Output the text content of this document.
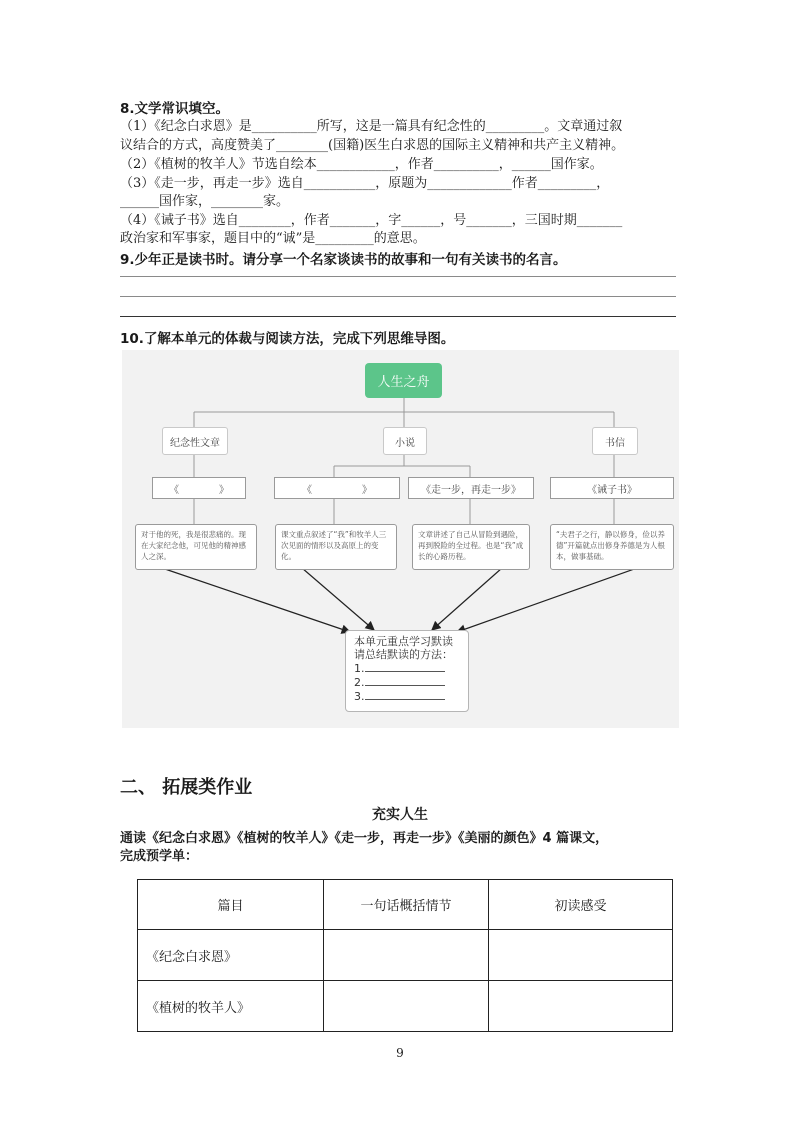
8.文学常识填空。
（1）《纪念白求恩》是__________所写，这是一篇具有纪念性的_________。文章通过叙
议结合的方式，高度赞美了________(国籍)医生白求恩的国际主义精神和共产主义精神。
（2）《植树的牧羊人》节选自绘本____________，作者__________，______国作家。
（3）《走一步，再走一步》选自___________，原题为_____________作者_________，
______国作家，________家。
（4）《诫子书》选自________，作者_______，字______，号_______，三国时期_______
政治家和军事家，题目中的“诚”是_________的意思。
9.少年正是读书时。请分享一个名家谈读书的故事和一句有关读书的名言。
10.了解本单元的体裁与阅读方法，完成下列思维导图。
人生之舟
纪念性文章	小说	书信
《　　　　》	《　　　　　》	《走一步，再走一步》	《诫子书》
对于他的死，我是很悲痛的。现在大家纪念他，可见他的精神感人之深。
课文重点叙述了“我”和牧羊人三次见面的情形以及高原上的变化。
文章讲述了自己从冒险到遇险，再到脱险的全过程。也是“我”成长的心路历程。
“夫君子之行，静以修身，俭以养德”开篇就点出修身养德是为人根本，做事基础。
本单元重点学习默读
请总结默读的方法：
1.
2.
3.
二、 拓展类作业
充实人生
通读《纪念白求恩》《植树的牧羊人》《走一步，再走一步》《美丽的颜色》4 篇课文，
完成预学单：
篇目	一句话概括情节	初读感受
《纪念白求恩》		
《植树的牧羊人》		
9
